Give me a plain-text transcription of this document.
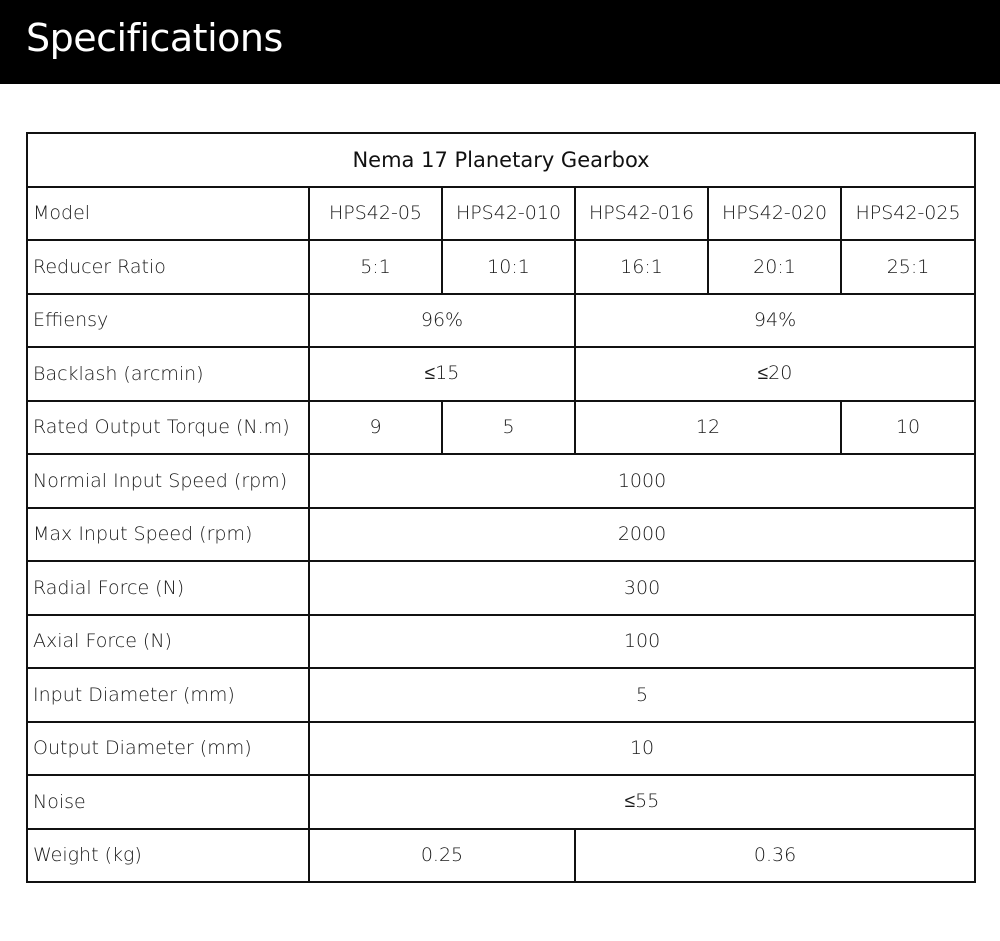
Specifications
Nema 17 Planetary Gearbox					
Model	HPS42-05	HPS42-010	HPS42-016	HPS42-020	HPS42-025
Reducer Ratio	5:1	10:1	16:1	20:1	25:1
Effiensy	96%		94%		
Backlash (arcmin)	≤15		≤20		
Rated Output Torque (N.m)	9	5	12		10
Normial Input Speed (rpm)	1000				
Max Input Speed (rpm)	2000				
Radial Force (N)	300				
Axial Force (N)	100				
Input Diameter (mm)	5				
Output Diameter (mm)	10				
Noise	≤55				
Weight (kg)	0.25		0.36		
